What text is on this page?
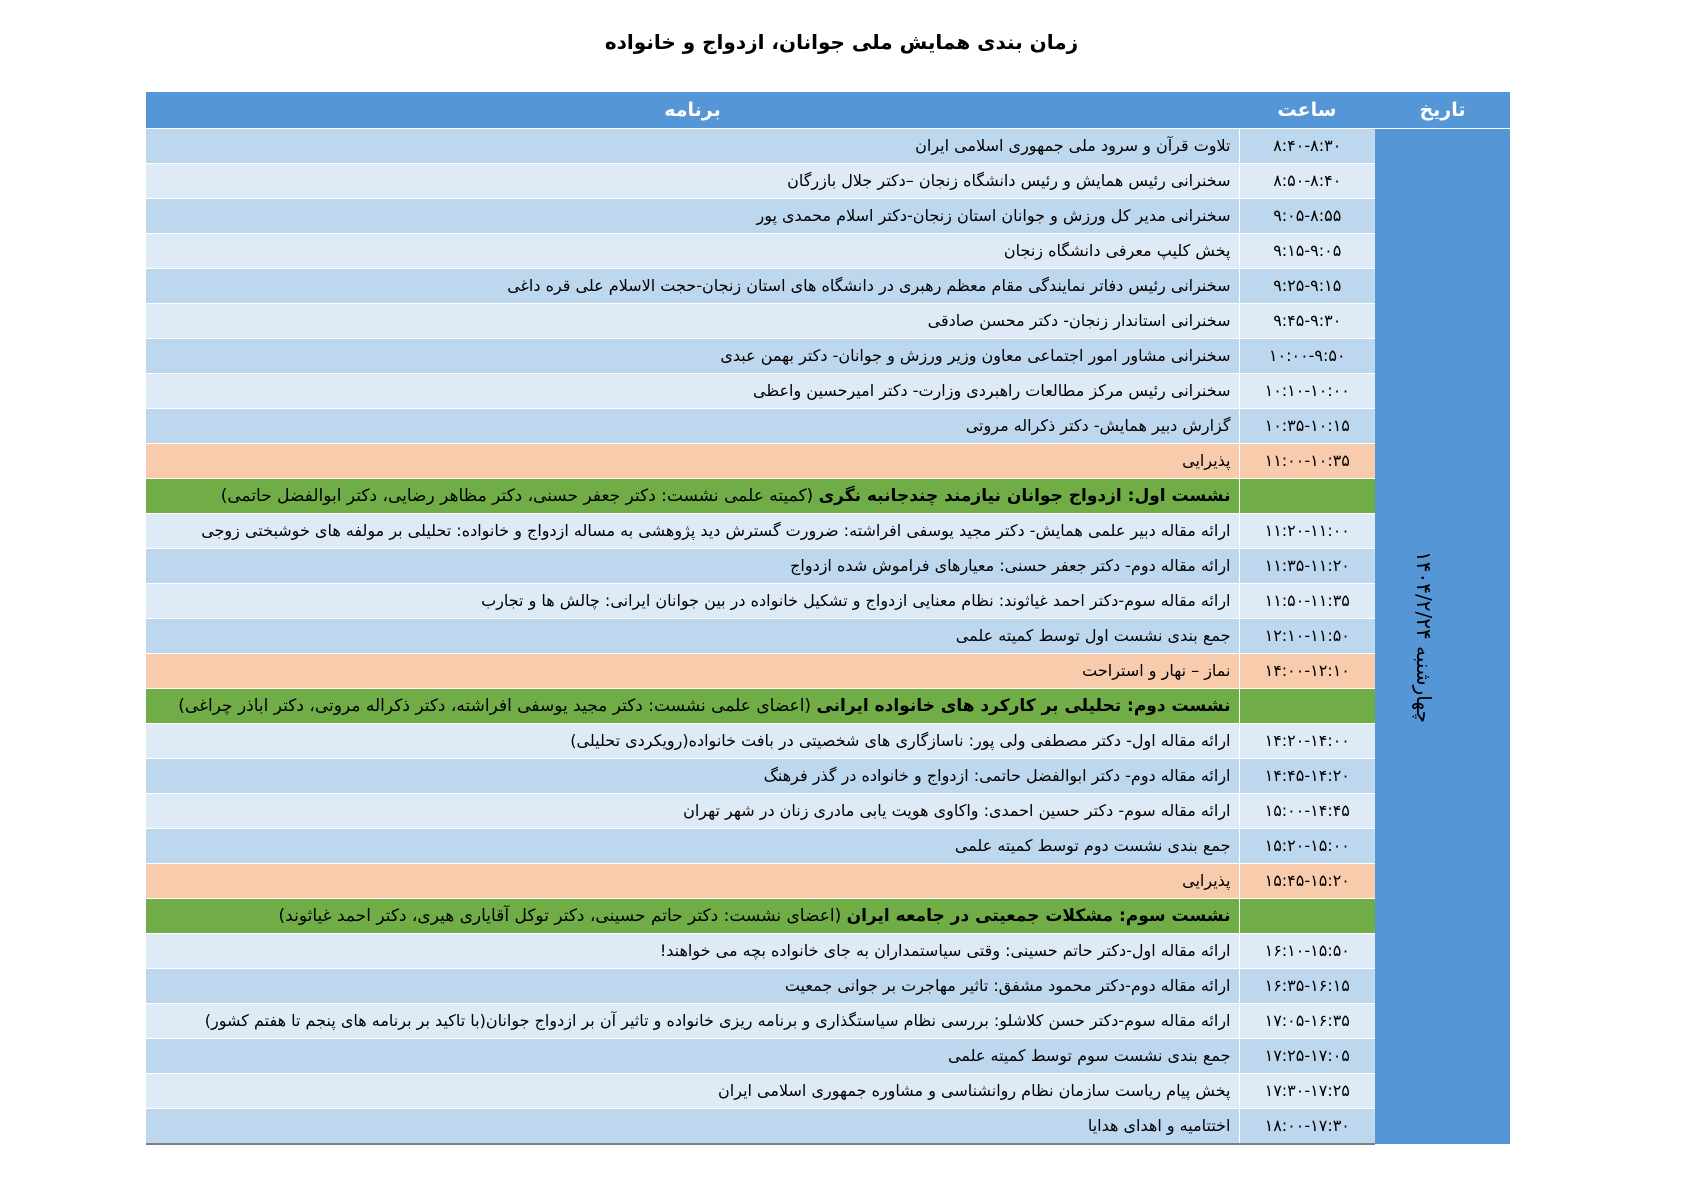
زمان بندی همایش ملی جوانان، ازدواج و خانواده
تاریخ	ساعت	برنامه
چهارشنبه ۱۴۰۴/۲/۲۴	۸:۴۰-۸:۳۰	تلاوت قرآن و سرود ملی جمهوری اسلامی ایران
	۸:۵۰-۸:۴۰	سخنرانی رئیس همایش و رئیس دانشگاه زنجان –دکتر جلال بازرگان
	۹:۰۵-۸:۵۵	سخنرانی مدیر کل ورزش و جوانان استان زنجان-دکتر اسلام محمدی پور
	۹:۱۵-۹:۰۵	پخش کلیپ معرفی دانشگاه زنجان
	۹:۲۵-۹:۱۵	سخنرانی رئیس دفاتر نمایندگی مقام معظم رهبری در دانشگاه های استان زنجان-حجت الاسلام علی قره داغی
	۹:۴۵-۹:۳۰	سخنرانی استاندار زنجان- دکتر محسن صادقی
	۱۰:۰۰-۹:۵۰	سخنرانی مشاور امور اجتماعی معاون وزیر ورزش و جوانان- دکتر بهمن عبدی
	۱۰:۱۰-۱۰:۰۰	سخنرانی رئیس مرکز مطالعات راهبردی وزارت- دکتر امیرحسین واعظی
	۱۰:۳۵-۱۰:۱۵	گزارش دبیر همایش- دکتر ذکراله مروتی
	۱۱:۰۰-۱۰:۳۵	پذیرایی
		نشست اول: ازدواج جوانان نیازمند چندجانبه نگری (کمیته علمی نشست: دکتر جعفر حسنی، دکتر مظاهر رضایی، دکتر ابوالفضل حاتمی)
	۱۱:۲۰-۱۱:۰۰	ارائه مقاله دبیر علمی همایش- دکتر مجید یوسفی افراشته: ضرورت گسترش دید پژوهشی به مساله ازدواج و خانواده: تحلیلی بر مولفه های خوشبختی زوجی
	۱۱:۳۵-۱۱:۲۰	ارائه مقاله دوم- دکتر جعفر حسنی: معیارهای فراموش شده ازدواج
	۱۱:۵۰-۱۱:۳۵	ارائه مقاله سوم-دکتر احمد غیاثوند: نظام معنایی ازدواج و تشکیل خانواده در بین جوانان ایرانی: چالش ها و تجارب
	۱۲:۱۰-۱۱:۵۰	جمع بندی نشست اول توسط کمیته علمی
	۱۴:۰۰-۱۲:۱۰	نماز – نهار و استراحت
		نشست دوم: تحلیلی بر کارکرد های خانواده ایرانی (اعضای علمی نشست: دکتر مجید یوسفی افراشته، دکتر ذکراله مروتی، دکتر اباذر چراغی)
	۱۴:۲۰-۱۴:۰۰	ارائه مقاله اول- دکتر مصطفی ولی پور: ناسازگاری های شخصیتی در بافت خانواده(رویکردی تحلیلی)
	۱۴:۴۵-۱۴:۲۰	ارائه مقاله دوم- دکتر ابوالفضل حاتمی: ازدواج و خانواده در گذر فرهنگ
	۱۵:۰۰-۱۴:۴۵	ارائه مقاله سوم- دکتر حسین احمدی: واکاوی هویت یابی مادری زنان در شهر تهران
	۱۵:۲۰-۱۵:۰۰	جمع بندی نشست دوم توسط کمیته علمی
	۱۵:۴۵-۱۵:۲۰	پذیرایی
		نشست سوم: مشکلات جمعیتی در جامعه ایران (اعضای نشست: دکتر حاتم حسینی، دکتر توکل آقایاری هیری، دکتر احمد غیاثوند)
	۱۶:۱۰-۱۵:۵۰	ارائه مقاله اول-دکتر حاتم حسینی: وقتی سیاستمداران به جای خانواده بچه می خواهند!
	۱۶:۳۵-۱۶:۱۵	ارائه مقاله دوم-دکتر محمود مشفق: تاثیر مهاجرت بر جوانی جمعیت
	۱۷:۰۵-۱۶:۳۵	ارائه مقاله سوم-دکتر حسن کلاشلو: بررسی نظام سیاستگذاری و برنامه ریزی خانواده و تاثیر آن بر ازدواج جوانان(با تاکید بر برنامه های پنجم تا هفتم کشور)
	۱۷:۲۵-۱۷:۰۵	جمع بندی نشست سوم توسط کمیته علمی
	۱۷:۳۰-۱۷:۲۵	پخش پیام ریاست سازمان نظام روانشناسی و مشاوره جمهوری اسلامی ایران
	۱۸:۰۰-۱۷:۳۰	اختتامیه و اهدای هدایا
